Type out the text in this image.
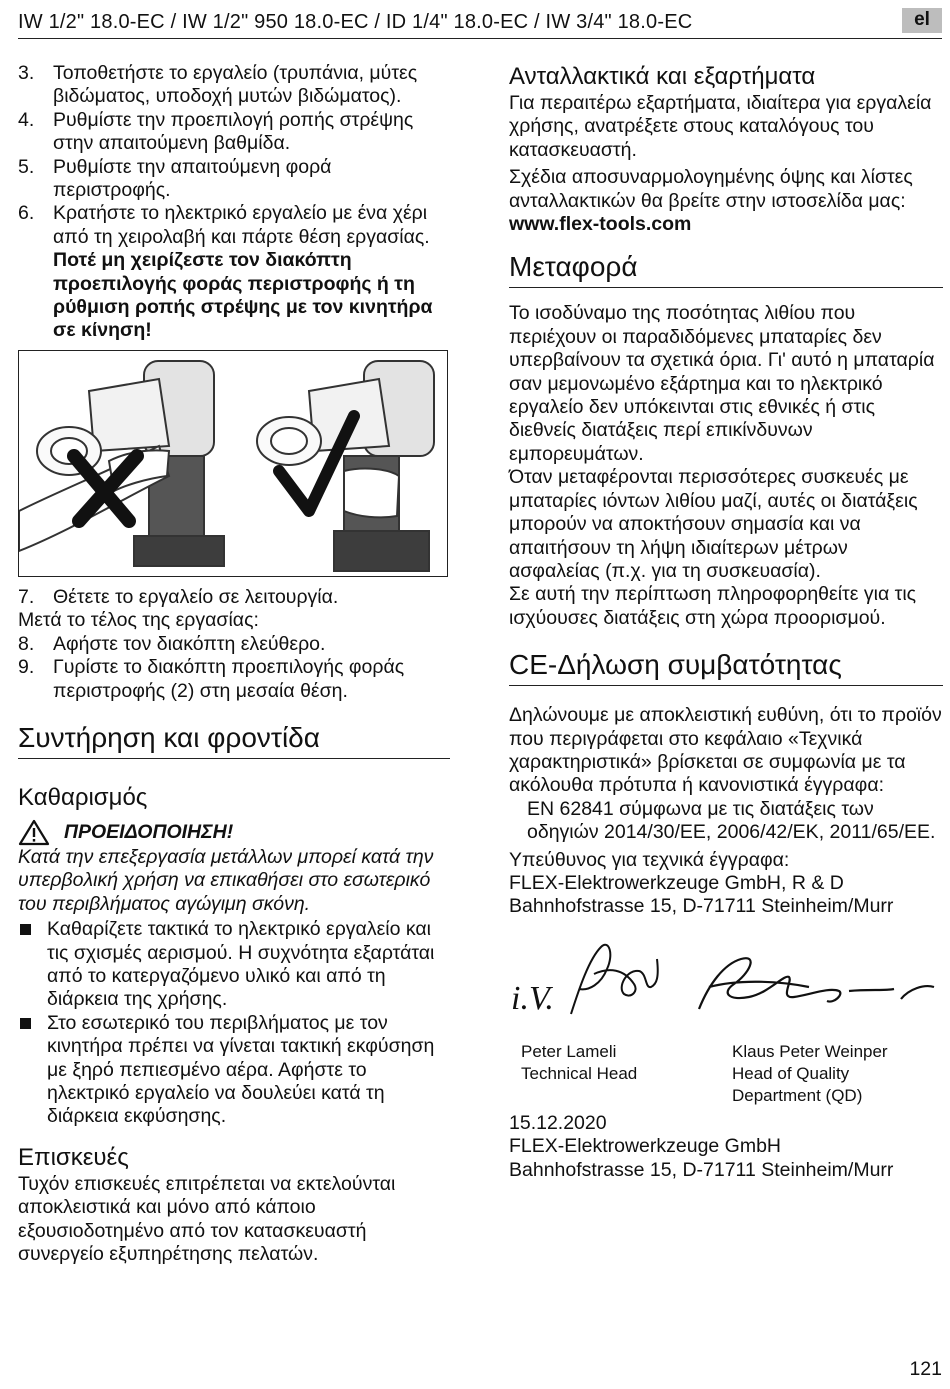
IW 1/2" 18.0-EC / IW 1/2" 950 18.0-EC / ID 1/4" 18.0-EC / IW 3/4" 18.0-EC	el
3. Τοποθετήστε το εργαλείο (τρυπάνια, μύτες βιδώματος, υποδοχή μυτών βιδώματος).
4. Ρυθμίστε την προεπιλογή ροπής στρέψης στην απαιτούμενη βαθμίδα.
5. Ρυθμίστε την απαιτούμενη φορά περιστροφής.
6. Κρατήστε το ηλεκτρικό εργαλείο με ένα χέρι από τη χειρολαβή και πάρτε θέση εργασίας.

Ποτέ μη χειρίζεστε τον διακόπτη προεπιλογής φοράς περιστροφής ή τη ρύθμιση ροπής στρέψης με τον κινητήρα σε κίνηση!

7. Θέτετε το εργαλείο σε λειτουργία.

Μετά το τέλος της εργασίας:

8. Αφήστε τον διακόπτη ελεύθερο.
9. Γυρίστε το διακόπτη προεπιλογής φοράς περιστροφής (2) στη μεσαία θέση.
Συντήρηση και φροντίδα
Καθαρισμός
ΠΡΟΕΙΔΟΠΟΙΗΣΗ!

Κατά την επεξεργασία μετάλλων μπορεί κατά την υπερβολική χρήση να επικαθήσει στο εσωτερικό του περιβλήματος αγώγιμη σκόνη.

Καθαρίζετε τακτικά το ηλεκτρικό εργαλείο και τις σχισμές αερισμού. Η συχνότητα εξαρτάται από το κατεργαζόμενο υλικό και από τη διάρκεια της χρήσης.
Στο εσωτερικό του περιβλήματος με τον κινητήρα πρέπει να γίνεται τακτική εκφύσηση με ξηρό πεπιεσμένο αέρα. Αφήστε το ηλεκτρικό εργαλείο να δουλεύει κατά τη διάρκεια εκφύσησης.
Επισκευές

Τυχόν επισκευές επιτρέπεται να εκτελούνται αποκλειστικά και μόνο από κάποιο εξουσιοδοτημένο από τον κατασκευαστή συνεργείο εξυπηρέτησης πελατών.

Ανταλλακτικά και εξαρτήματα

Για περαιτέρω εξαρτήματα, ιδιαίτερα για εργαλεία χρήσης, ανατρέξετε στους καταλόγους του κατασκευαστή.

Σχέδια αποσυναρμολογημένης όψης και λίστες ανταλλακτικών θα βρείτε στην ιστοσελίδα μας: www.flex-tools.com

Μεταφορά

Το ισοδύναμο της ποσότητας λιθίου που περιέχουν οι παραδιδόμενες μπαταρίες δεν υπερβαίνουν τα σχετικά όρια. Γι' αυτό η μπαταρία σαν μεμονωμένο εξάρτημα και το ηλεκτρικό εργαλείο δεν υπόκεινται στις εθνικές ή στις διεθνείς διατάξεις περί επικίνδυνων εμπορευμάτων.

Όταν μεταφέρονται περισσότερες συσκευές με μπαταρίες ιόντων λιθίου μαζί, αυτές οι διατάξεις μπορούν να αποκτήσουν σημασία και να απαιτήσουν τη λήψη ιδιαίτερων μέτρων ασφαλείας (π.χ. για τη συσκευασία).

Σε αυτή την περίπτωση πληροφορηθείτε για τις ισχύουσες διατάξεις στη χώρα προορισμού.

CE-Δήλωση συμβατότητας

Δηλώνουμε με αποκλειστική ευθύνη, ότι το προϊόν που περιγράφεται στο κεφάλαιο «Τεχνικά χαρακτηριστικά» βρίσκεται σε συμφωνία με τα ακόλουθα πρότυπα ή κανονιστικά έγγραφα:

EN 62841 σύμφωνα με τις διατάξεις των οδηγιών 2014/30/ΕΕ, 2006/42/ΕΚ, 2011/65/ΕΕ.

Υπεύθυνος για τεχνικά έγγραφα:

FLEX-Elektrowerkzeuge GmbH, R & D

Bahnhofstrasse 15, D-71711 Steinheim/Murr

i.V.
Peter Lameli
Technical Head
Klaus Peter Weinper
Head of Quality
Department (QD)

15.12.2020

FLEX-Elektrowerkzeuge GmbH

Bahnhofstrasse 15, D-71711 Steinheim/Murr

121
